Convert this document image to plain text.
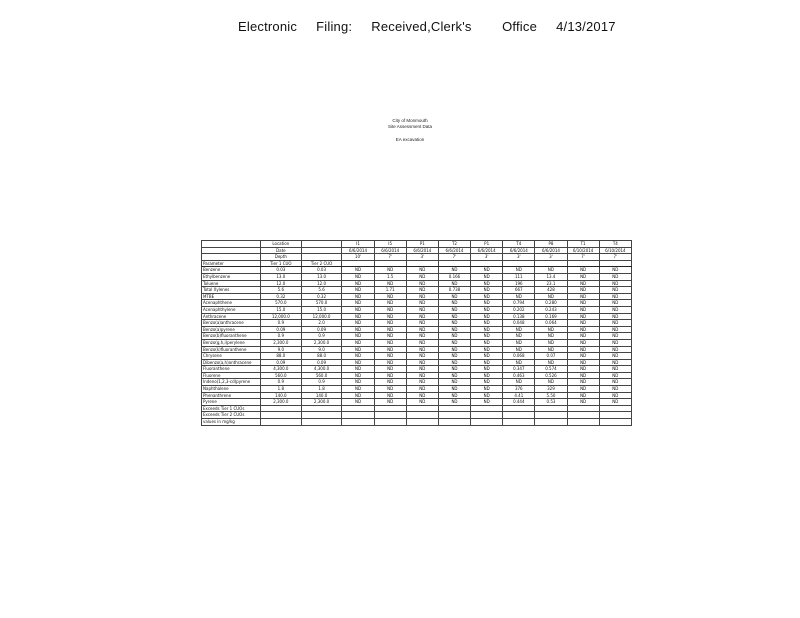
Electronic     Filing:     Received,Clerk's        Office     4/13/2017
City of Monmouth
Site Assessment Data
EA excavation
	Location		I1	I5	P1	T2	P1	T4	P8	T1	T4
	Date		6/6/2014	6/6/2014	6/6/2014	6/6/2014	6/6/2014	6/6/2014	6/6/2014	6/10/2014	6/10/2014
	Depth		10'	7'	3'	7'	3'	3'	3'	7'	7'
Parameter	Tier 1 CUO	Tier 2 CUO									
Benzene	0.03	0.03	ND	ND	ND	ND	ND	ND	ND	ND	ND
Ethylbenzene	13.0	13.0	ND	1.5	ND	0.166	ND	111	13.4	ND	ND
Toluene	12.0	12.0	ND	ND	ND	ND	ND	196	23.1	ND	ND
Total Xylenes	5.6	5.6	ND	1.71	ND	0.738	ND	667	428	ND	ND
MTBE	0.32	0.32	ND	ND	ND	ND	ND	ND	ND	ND	ND
Acenaphthene	570.0	570.0	ND	ND	ND	ND	ND	0.794	0.280	ND	ND
Acenaphthylene	15.0	15.0	ND	ND	ND	ND	ND	0.202	0.243	ND	ND
Anthracene	12,000.0	12,000.0	ND	ND	ND	ND	ND	0.138	0.169	ND	ND
Benzo(a)anthracene	0.9	2.0	ND	ND	ND	ND	ND	0.048	0.064	ND	ND
Benzo(a)pyrene	0.09	0.09	ND	ND	ND	ND	ND	ND	ND	ND	ND
Benzo(b)fluoranthene	0.9	0.9	ND	ND	ND	ND	ND	ND	ND	ND	ND
Benzo(g,h,i)perylene	2,300.0	2,300.0	ND	ND	ND	ND	ND	ND	ND	ND	ND
Benzo(k)fluoranthene	9.0	9.0	ND	ND	ND	ND	ND	ND	ND	ND	ND
Chrysene	88.0	88.0	ND	ND	ND	ND	ND	0.068	0.07	ND	ND
Dibenzo(a,h)anthracene	0.09	0.09	ND	ND	ND	ND	ND	ND	ND	ND	ND
Fluoranthene	4,300.0	4,300.0	ND	ND	ND	ND	ND	0.347	0.574	ND	ND
Fluorene	560.0	560.0	ND	ND	ND	ND	ND	0.463	0.526	ND	ND
Indeno(1,2,3-cd)pyrene	0.9	0.9	ND	ND	ND	ND	ND	ND	ND	ND	ND
Naphthalene	1.8	1.8	ND	ND	ND	ND	ND	376	329	ND	ND
Phenanthrene	140.0	140.0	ND	ND	ND	ND	ND	4.41	5.50	ND	ND
Pyrene	2,300.0	2,300.0	ND	ND	ND	ND	ND	0.444	0.53	ND	ND
Exceeds Tier 1 CUOs											
Exceeds Tier 2 CUOs											
values in mg/kg											
